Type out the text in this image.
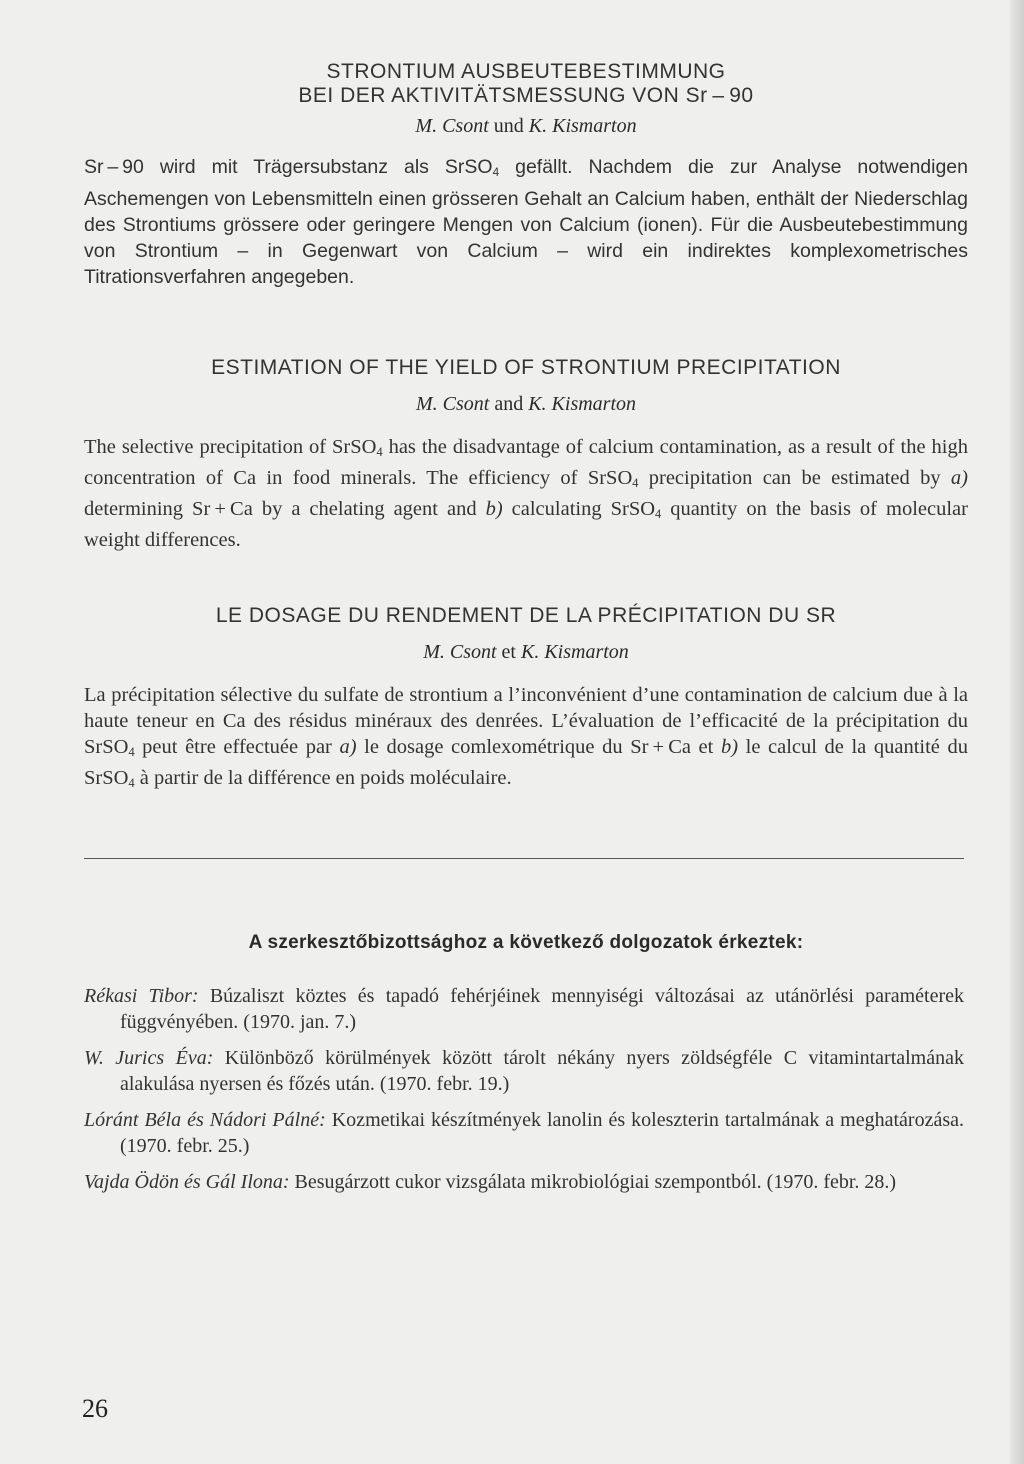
STRONTIUM AUSBEUTEBESTIMMUNG
BEI DER AKTIVITÄTSMESSUNG VON Sr – 90
M. Csont und K. Kismarton

Sr – 90 wird mit Trägersubstanz als SrSO$_4$ gefällt. Nachdem die zur Analyse notwendigen Aschemengen von Lebensmitteln einen grösseren Gehalt an Calcium haben, enthält der Niederschlag des Strontiums grössere oder geringere Mengen von Calcium (ionen). Für die Ausbeutebestimmung von Strontium – in Gegenwart von Calcium – wird ein indirektes komplexometrisches Titrationsverfahren angegeben.

ESTIMATION OF THE YIELD OF STRONTIUM PRECIPITATION
M. Csont and K. Kismarton

The selective precipitation of SrSO$_4$ has the disadvantage of calcium contamination, as a result of the high concentration of Ca in food minerals. The efficiency of SrSO$_4$ precipitation can be estimated by a) determining Sr + Ca by a chelating agent and b) calculating SrSO$_4$ quantity on the basis of molecular weight differences.

LE DOSAGE DU RENDEMENT DE LA PRÉCIPITATION DU SR
M. Csont et K. Kismarton

La précipitation sélective du sulfate de strontium a l’inconvénient d’une contamination de calcium due à la haute teneur en Ca des résidus minéraux des denrées. L’évaluation de l’efficacité de la précipitation du SrSO$_4$ peut être effectuée par a) le dosage comlexométrique du Sr + Ca et b) le calcul de la quantité du SrSO$_4$ à partir de la différence en poids moléculaire.

A szerkesztőbizottsághoz a következő dolgozatok érkeztek:
Rékasi Tibor: Búzaliszt köztes és tapadó fehérjéinek mennyiségi változásai az utánörlési paraméterek függvényében. (1970. jan. 7.)
W. Jurics Éva: Különböző körülmények között tárolt nékány nyers zöldségféle C vitamintartalmának alakulása nyersen és főzés után. (1970. febr. 19.)
Lóránt Béla és Nádori Pálné: Kozmetikai készítmények lanolin és koleszterin tartalmának a meghatározása. (1970. febr. 25.)
Vajda Ödön és Gál Ilona: Besugárzott cukor vizsgálata mikrobiológiai szempontból. (1970. febr. 28.)
26
